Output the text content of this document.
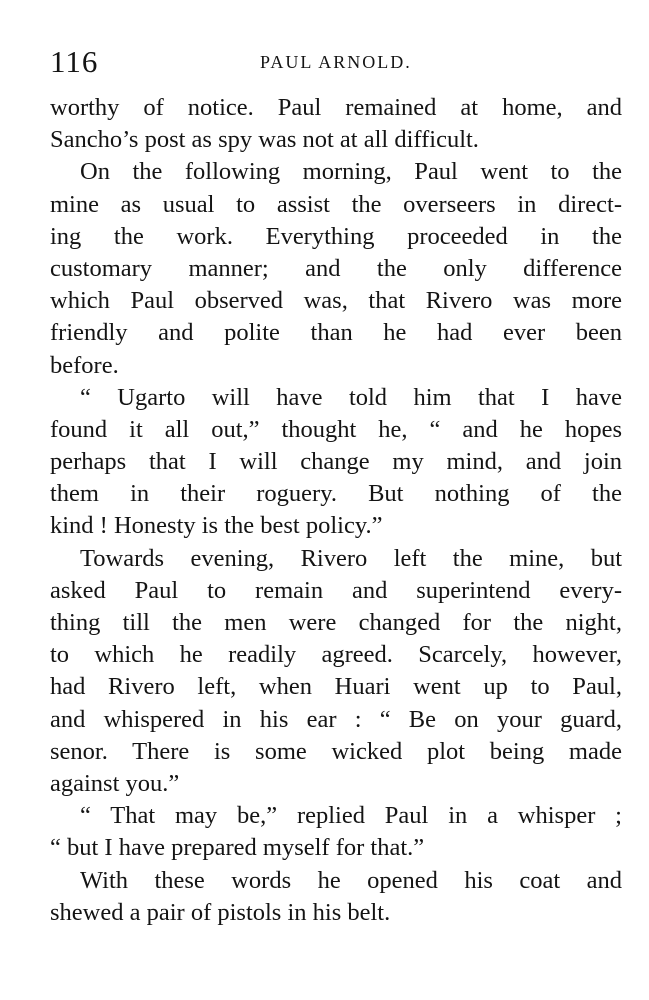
116	PAUL ARNOLD.
worthy of notice. Paul remained at home, and
Sancho’s post as spy was not at all difficult.
On the following morning, Paul went to the
mine as usual to assist the overseers in direct-
ing the work. Everything proceeded in the
customary manner; and the only difference
which Paul observed was, that Rivero was more
friendly and polite than he had ever been
before.
“ Ugarto will have told him that I have
found it all out,” thought he, “ and he hopes
perhaps that I will change my mind, and join
them in their roguery. But nothing of the
kind ! Honesty is the best policy.”
Towards evening, Rivero left the mine, but
asked Paul to remain and superintend every-
thing till the men were changed for the night,
to which he readily agreed. Scarcely, however,
had Rivero left, when Huari went up to Paul,
and whispered in his ear : “ Be on your guard,
senor. There is some wicked plot being made
against you.”
“ That may be,” replied Paul in a whisper ;
“ but I have prepared myself for that.”
With these words he opened his coat and
shewed a pair of pistols in his belt.
